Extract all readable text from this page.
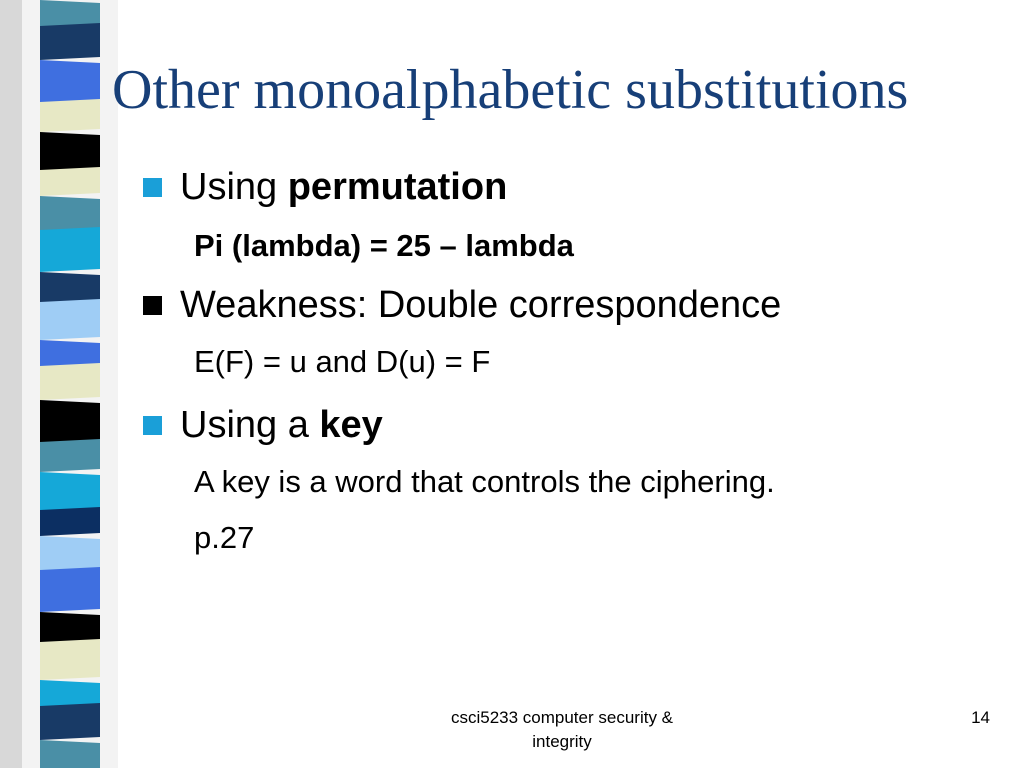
Other monoalphabetic substitutions
Using permutation
Pi (lambda) = 25 – lambda
Weakness: Double correspondence
E(F) = u and D(u) = F
Using a key
A key is a word that controls the ciphering.
p.27
csci5233 computer security &
integrity
14
